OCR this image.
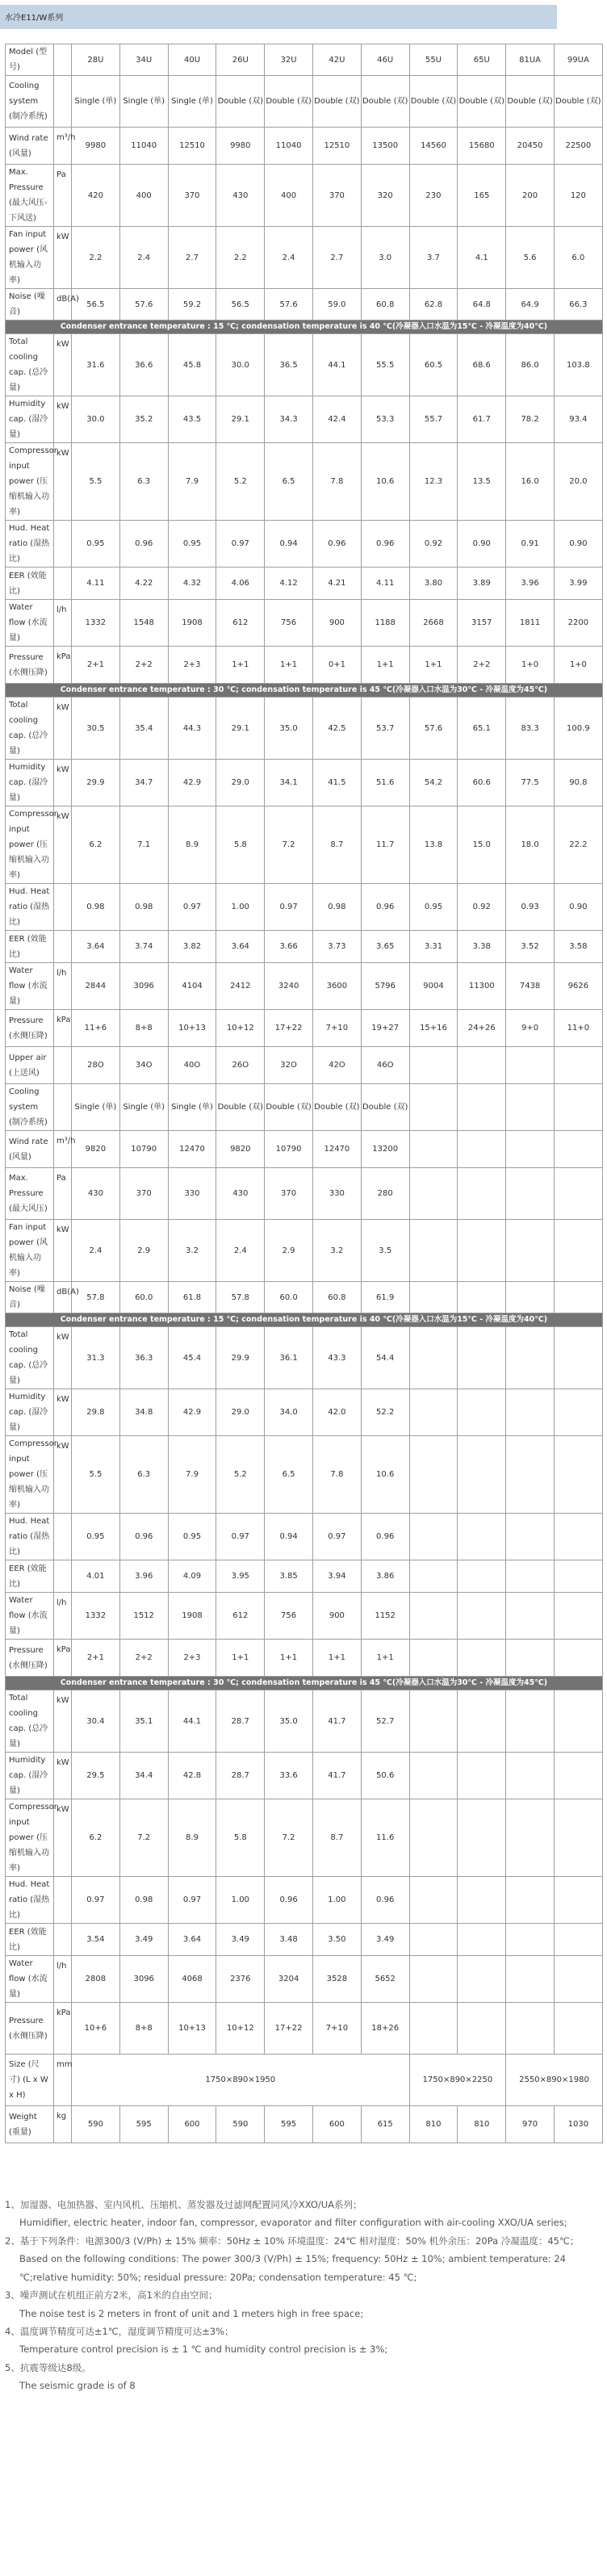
水冷E11/W系列
Model (型号)		28U	34U	40U	26U	32U	42U	46U	55U	65U	81UA	99UA
Cooling system (制冷系统)		Single (单)	Single (单)	Single (单)	Double (双)	Double (双)	Double (双)	Double (双)	Double (双)	Double (双)	Double (双)	Double (双)
Wind rate (风量)	m³/h	9980	11040	12510	9980	11040	12510	13500	14560	15680	20450	22500
Max. Pressure (最大风压-下风送)	Pa	420	400	370	430	400	370	320	230	165	200	120
Fan input power (风机输入功率)	kW	2.2	2.4	2.7	2.2	2.4	2.7	3.0	3.7	4.1	5.6	6.0
Noise (噪音)	dB(A)	56.5	57.6	59.2	56.5	57.6	59.0	60.8	62.8	64.8	64.9	66.3
Condenser entrance temperature : 15 ℃; condensation temperature is 40 ℃(冷凝器入口水温为15℃ - 冷凝温度为40℃)												
Total cooling cap. (总冷量)	kW	31.6	36.6	45.8	30.0	36.5	44.1	55.5	60.5	68.6	86.0	103.8
Humidity cap. (湿冷量)	kW	30.0	35.2	43.5	29.1	34.3	42.4	53.3	55.7	61.7	78.2	93.4
Compressor input power (压缩机输入功率)	kW	5.5	6.3	7.9	5.2	6.5	7.8	10.6	12.3	13.5	16.0	20.0
Hud. Heat ratio (湿热比)		0.95	0.96	0.95	0.97	0.94	0.96	0.96	0.92	0.90	0.91	0.90
EER (效能比)		4.11	4.22	4.32	4.06	4.12	4.21	4.11	3.80	3.89	3.96	3.99
Water flow (水流量)	l/h	1332	1548	1908	612	756	900	1188	2668	3157	1811	2200
Pressure (水侧压降)	kPa	2+1	2+2	2+3	1+1	1+1	0+1	1+1	1+1	2+2	1+0	1+0
Condenser entrance temperature : 30 ℃; condensation temperature is 45 ℃(冷凝器入口水温为30℃ - 冷凝温度为45℃)												
Total cooling cap. (总冷量)	kW	30.5	35.4	44.3	29.1	35.0	42.5	53.7	57.6	65.1	83.3	100.9
Humidity cap. (湿冷量)	kW	29.9	34.7	42.9	29.0	34.1	41.5	51.6	54.2	60.6	77.5	90.8
Compressor input power (压缩机输入功率)	kW	6.2	7.1	8.9	5.8	7.2	8.7	11.7	13.8	15.0	18.0	22.2
Hud. Heat ratio (湿热比)		0.98	0.98	0.97	1.00	0.97	0.98	0.96	0.95	0.92	0.93	0.90
EER (效能比)		3.64	3.74	3.82	3.64	3.66	3.73	3.65	3.31	3.38	3.52	3.58
Water flow (水流量)	l/h	2844	3096	4104	2412	3240	3600	5796	9004	11300	7438	9626
Pressure (水侧压降)	kPa	11+6	8+8	10+13	10+12	17+22	7+10	19+27	15+16	24+26	9+0	11+0
Upper air (上送风)		28O	34O	40O	26O	32O	42O	46O				
Cooling system (制冷系统)		Single (单)	Single (单)	Single (单)	Double (双)	Double (双)	Double (双)	Double (双)				
Wind rate (风量)	m³/h	9820	10790	12470	9820	10790	12470	13200				
Max. Pressure (最大风压)	Pa	430	370	330	430	370	330	280				
Fan input power (风机输入功率)	kW	2.4	2.9	3.2	2.4	2.9	3.2	3.5				
Noise (噪音)	dB(A)	57.8	60.0	61.8	57.8	60.0	60.8	61.9				
Condenser entrance temperature : 15 ℃; condensation temperature is 40 ℃(冷凝器入口水温为15℃ - 冷凝温度为40℃)												
Total cooling cap. (总冷量)	kW	31.3	36.3	45.4	29.9	36.1	43.3	54.4				
Humidity cap. (湿冷量)	kW	29.8	34.8	42.9	29.0	34.0	42.0	52.2				
Compressor input power (压缩机输入功率)	kW	5.5	6.3	7.9	5.2	6.5	7.8	10.6				
Hud. Heat ratio (湿热比)		0.95	0.96	0.95	0.97	0.94	0.97	0.96				
EER (效能比)		4.01	3.96	4.09	3.95	3.85	3.94	3.86				
Water flow (水流量)	l/h	1332	1512	1908	612	756	900	1152				
Pressure (水侧压降)	kPa	2+1	2+2	2+3	1+1	1+1	1+1	1+1				
Condenser entrance temperature : 30 ℃; condensation temperature is 45 ℃(冷凝器入口水温为30℃ - 冷凝温度为45℃)												
Total cooling cap. (总冷量)	kW	30.4	35.1	44.1	28.7	35.0	41.7	52.7				
Humidity cap. (湿冷量)	kW	29.5	34.4	42.8	28.7	33.6	41.7	50.6				
Compressor input power (压缩机输入功率)	kW	6.2	7.2	8.9	5.8	7.2	8.7	11.6				
Hud. Heat ratio (湿热比)		0.97	0.98	0.97	1.00	0.96	1.00	0.96				
EER (效能比)		3.54	3.49	3.64	3.49	3.48	3.50	3.49				
Water flow (水流量)	l/h	2808	3096	4068	2376	3204	3528	5652				
Pressure (水侧压降)	kPa	10+6	8+8	10+13	10+12	17+22	7+10	18+26				
Size (尺寸) (L x W x H)	mm	1750×890×1950							1750×890×2250		2550×890×1980	
Weight (重量)	kg	590	595	600	590	595	600	615	810	810	970	1030
1、加湿器、电加热器、室内风机、压缩机、蒸发器及过滤网配置同风冷XXO/UA系列；
Humidifier, electric heater, indoor fan, compressor, evaporator and filter configuration with air-cooling XXO/UA series;
2、基于下列条件：电源300/3 (V/Ph) ± 15% 频率：50Hz ± 10% 环境温度：24℃ 相对湿度：50% 机外余压：20Pa 冷凝温度：45℃；
Based on the following conditions: The power 300/3 (V/Ph) ± 15%; frequency: 50Hz ± 10%; ambient temperature: 24 ℃;relative humidity: 50%; residual pressure: 20Pa; condensation temperature: 45 ℃;
3、噪声测试在机组正前方2米，高1米的自由空间；
The noise test is 2 meters in front of unit and 1 meters high in free space;
4、温度调节精度可达±1℃，湿度调节精度可达±3%；
Temperature control precision is ± 1 ℃ and humidity control precision is ± 3%;
5、抗震等级达8级。
The seismic grade is of 8
